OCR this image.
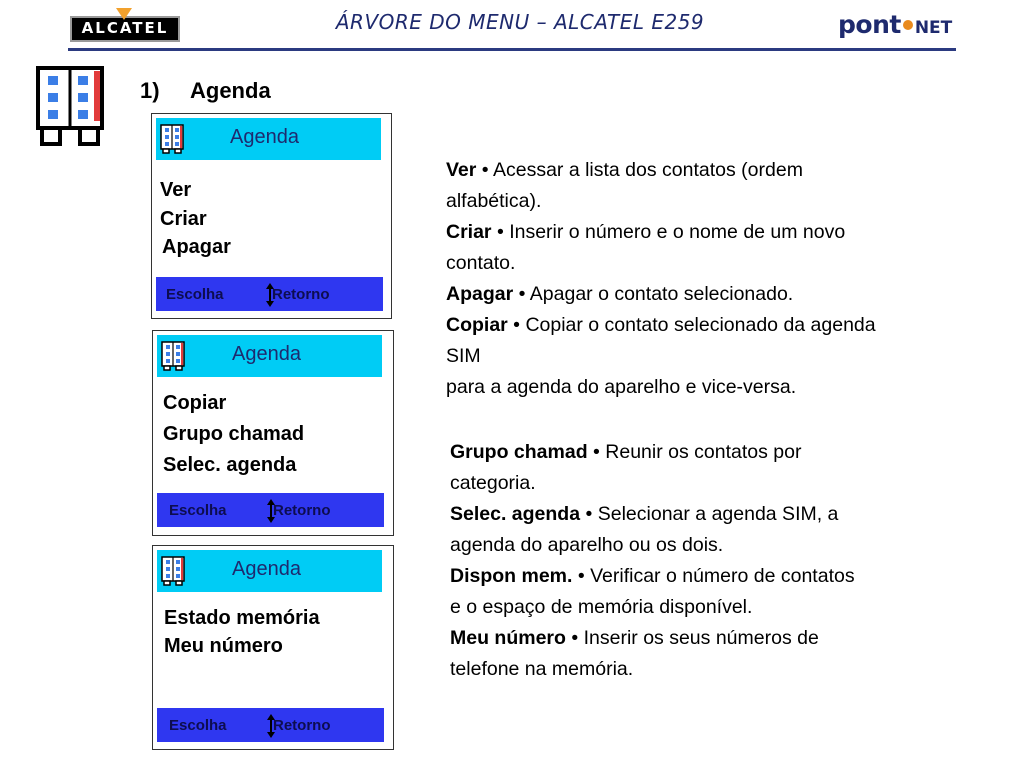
ALCATEL	ÁRVORE DO MENU – ALCATEL E259	pont NET
1) Agenda
Agenda
Ver
Criar
Apagar
Escolha	Retorno
Agenda
Copiar
Grupo chamad
Selec. agenda
Escolha	Retorno
Agenda
Estado memória
Meu número
Escolha	Retorno
Ver • Acessar a lista dos contatos (ordem
alfabética).
Criar • Inserir o número e o nome de um novo
contato.
Apagar • Apagar o contato selecionado.
Copiar • Copiar o contato selecionado da agenda
SIM
para a agenda do aparelho e vice-versa.
Grupo chamad • Reunir os contatos por
categoria.
Selec. agenda • Selecionar a agenda SIM, a
agenda do aparelho ou os dois.
Dispon mem. • Verificar o número de contatos
e o espaço de memória disponível.
Meu número • Inserir os seus números de
telefone na memória.
